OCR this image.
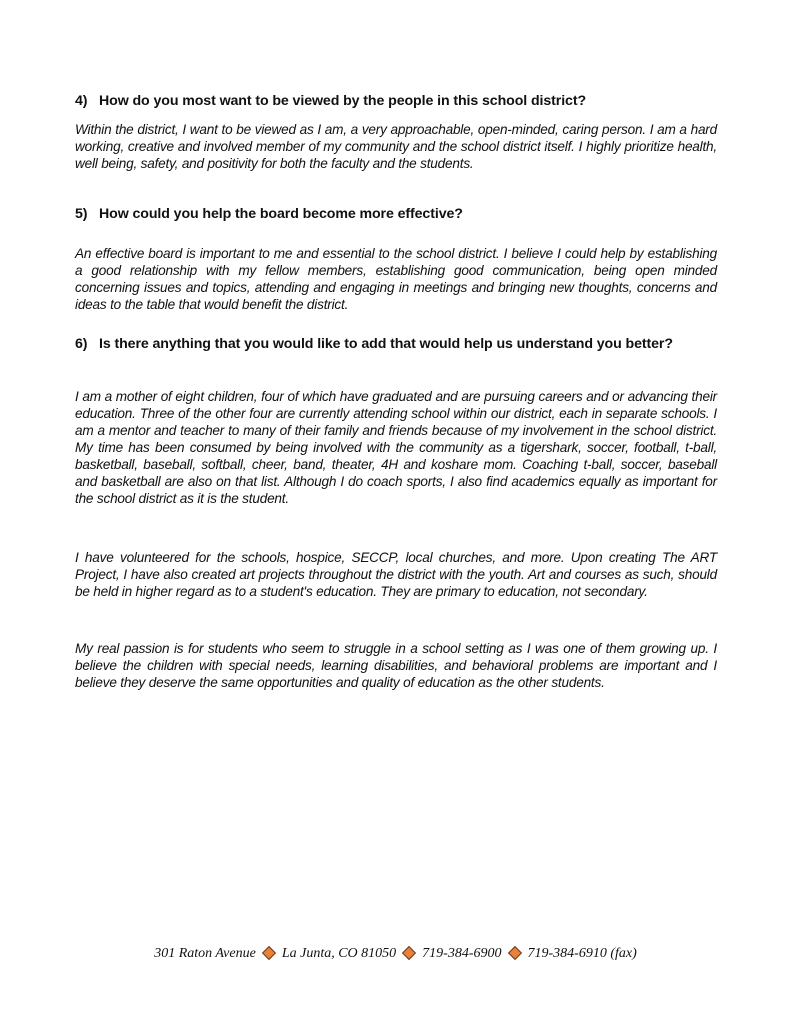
4) How do you most want to be viewed by the people in this school district?

Within the district, I want to be viewed as I am, a very approachable, open-minded, caring person. I am a hard working, creative and involved member of my community and the school district itself. I highly prioritize health, well being, safety, and positivity for both the faculty and the students.

5) How could you help the board become more effective?

An effective board is important to me and essential to the school district. I believe I could help by establishing a good relationship with my fellow members, establishing good communication, being open minded concerning issues and topics, attending and engaging in meetings and bringing new thoughts, concerns and ideas to the table that would benefit the district.

6) Is there anything that you would like to add that would help us understand you better?

I am a mother of eight children, four of which have graduated and are pursuing careers and or advancing their education. Three of the other four are currently attending school within our district, each in separate schools. I am a mentor and teacher to many of their family and friends because of my involvement in the school district. My time has been consumed by being involved with the community as a tigershark, soccer, football, t-ball, basketball, baseball, softball, cheer, band, theater, 4H and koshare mom. Coaching t-ball, soccer, baseball and basketball are also on that list. Although I do coach sports, I also find academics equally as important for the school district as it is the student.

I have volunteered for the schools, hospice, SECCP, local churches, and more. Upon creating The ART Project, I have also created art projects throughout the district with the youth. Art and courses as such, should be held in higher regard as to a student's education. They are primary to education, not secondary.

My real passion is for students who seem to struggle in a school setting as I was one of them growing up. I believe the children with special needs, learning disabilities, and behavioral problems are important and I believe they deserve the same opportunities and quality of education as the other students.

301 Raton Avenue La Junta, CO 81050 719-384-6900 719-384-6910 (fax)
